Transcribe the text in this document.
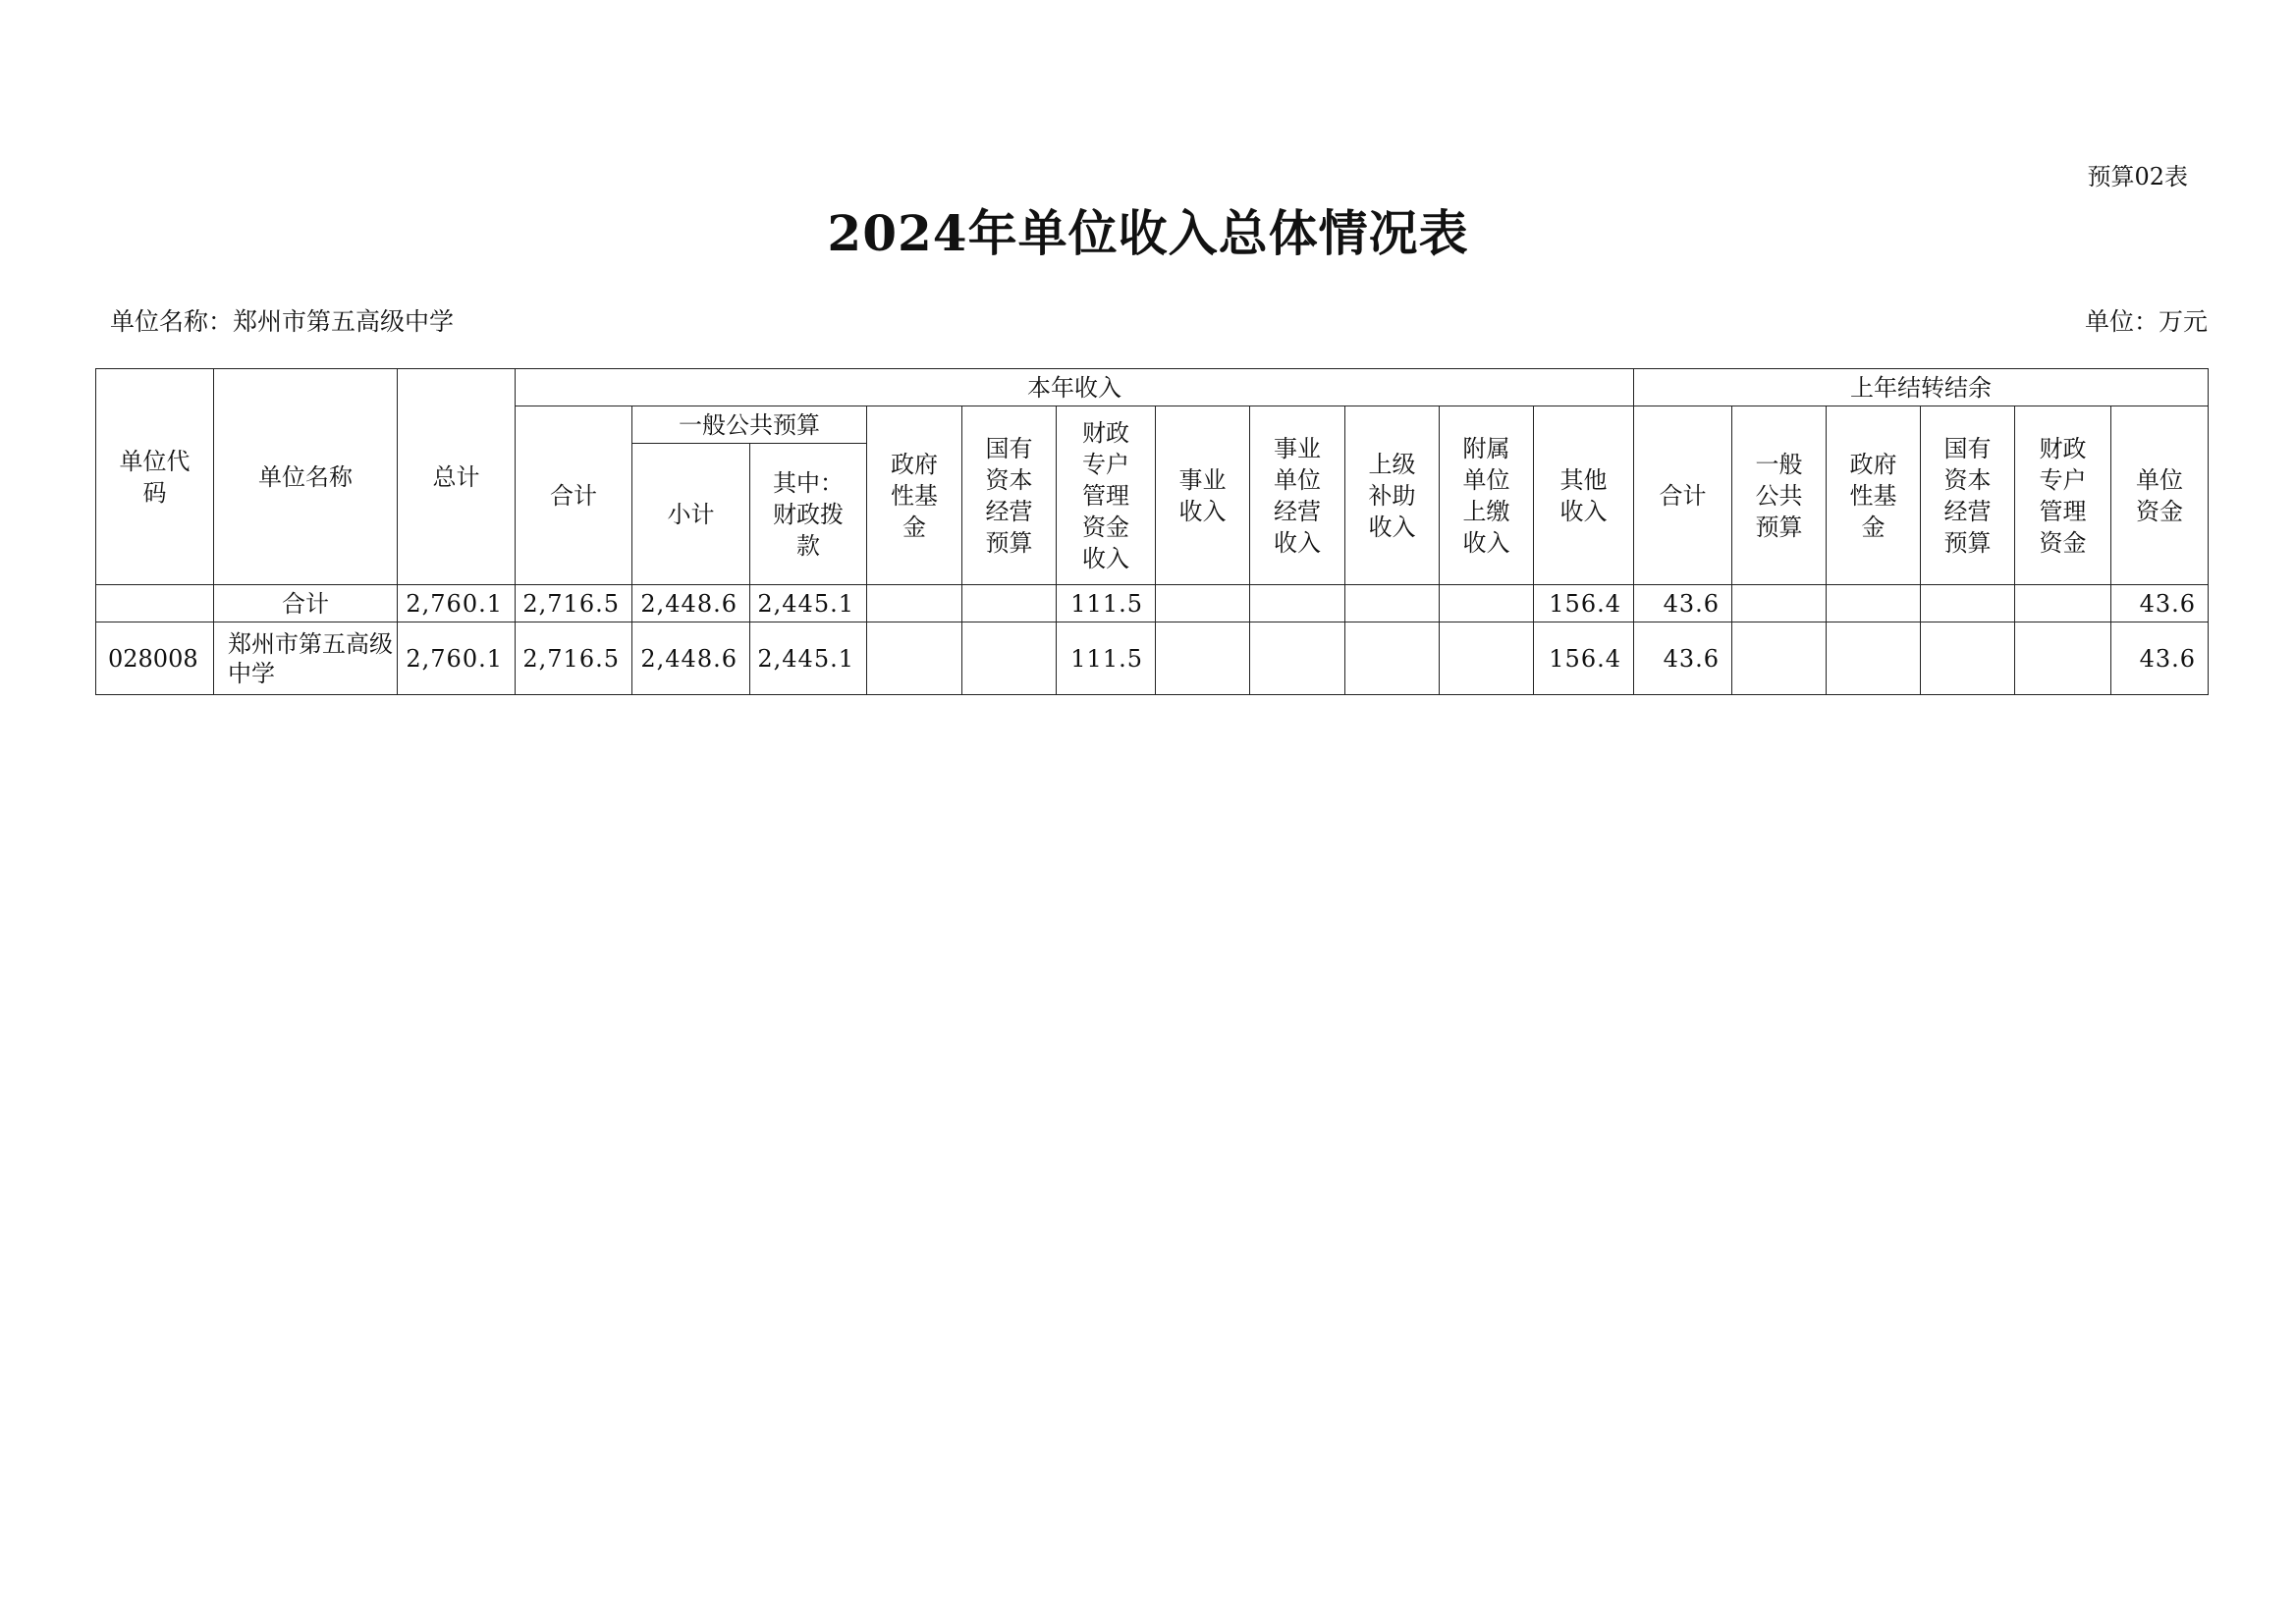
预算02表
2024年单位收入总体情况表
单位名称：郑州市第五高级中学	单位：万元
单位代码	单位名称	总计	本年收入											上年结转结余					
			合计	一般公共预算		政府性基金	国有资本经营预算	财政专户管理资金收入	事业收入	事业单位经营收入	上级补助收入	附属单位上缴收入	其他收入	合计	一般公共预算	政府性基金	国有资本经营预算	财政专户管理资金	单位资金
				小计	其中：财政拨款														
	合计	2,760.1	2,716.5	2,448.6	2,445.1			111.5					156.4	43.6					43.6
028008	郑州市第五高级中学	2,760.1	2,716.5	2,448.6	2,445.1			111.5					156.4	43.6					43.6
